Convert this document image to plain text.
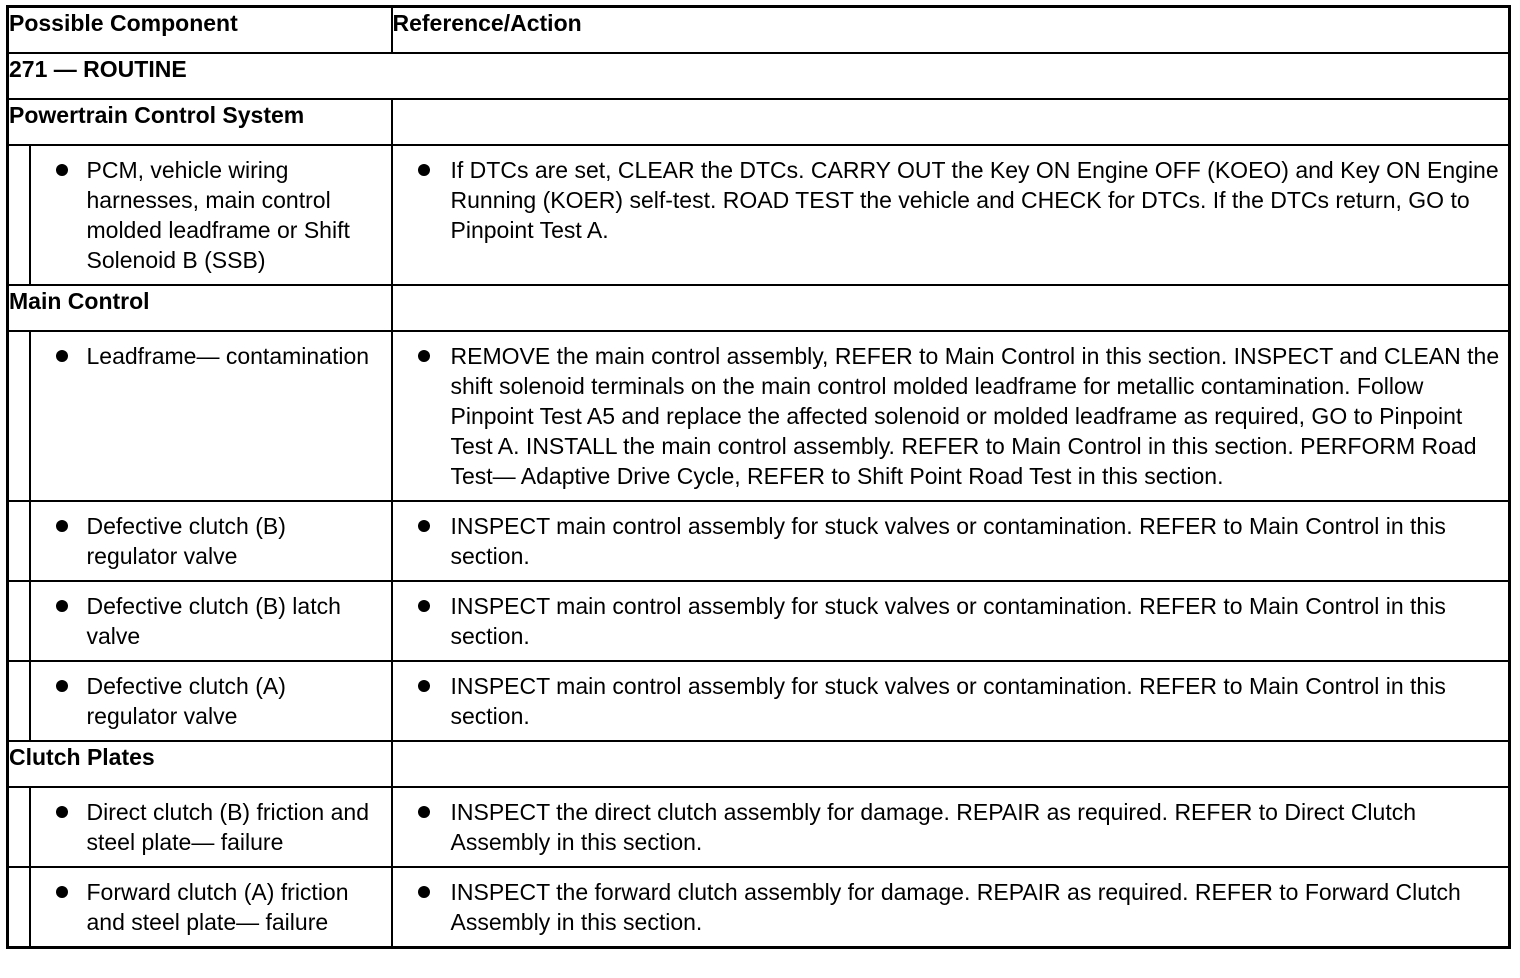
Possible Component		Reference/Action
271 — ROUTINE		
Powertrain Control System		

	PCM, vehicle wiring harnesses, main control molded leadframe or Shift Solenoid B (SSB)	If DTCs are set, CLEAR the DTCs. CARRY OUT the Key ON Engine OFF (KOEO) and Key ON Engine Running (KOER) self-test. ROAD TEST the vehicle and CHECK for DTCs. If the DTCs return, GO to Pinpoint Test A.

Main Control		

	Leadframe— contamination	REMOVE the main control assembly, REFER to Main Control in this section. INSPECT and CLEAN the shift solenoid terminals on the main control molded leadframe for metallic contamination. Follow Pinpoint Test A5 and replace the affected solenoid or molded leadframe as required, GO to Pinpoint Test A. INSTALL the main control assembly. REFER to Main Control in this section. PERFORM Road Test— Adaptive Drive Cycle, REFER to Shift Point Road Test in this section.

	Defective clutch (B) regulator valve	INSPECT main control assembly for stuck valves or contamination. REFER to Main Control in this section.

	Defective clutch (B) latch valve	INSPECT main control assembly for stuck valves or contamination. REFER to Main Control in this section.

	Defective clutch (A) regulator valve	INSPECT main control assembly for stuck valves or contamination. REFER to Main Control in this section.

Clutch Plates		

	Direct clutch (B) friction and steel plate— failure	INSPECT the direct clutch assembly for damage. REPAIR as required. REFER to Direct Clutch Assembly in this section.

	Forward clutch (A) friction and steel plate— failure	INSPECT the forward clutch assembly for damage. REPAIR as required. REFER to Forward Clutch Assembly in this section.
